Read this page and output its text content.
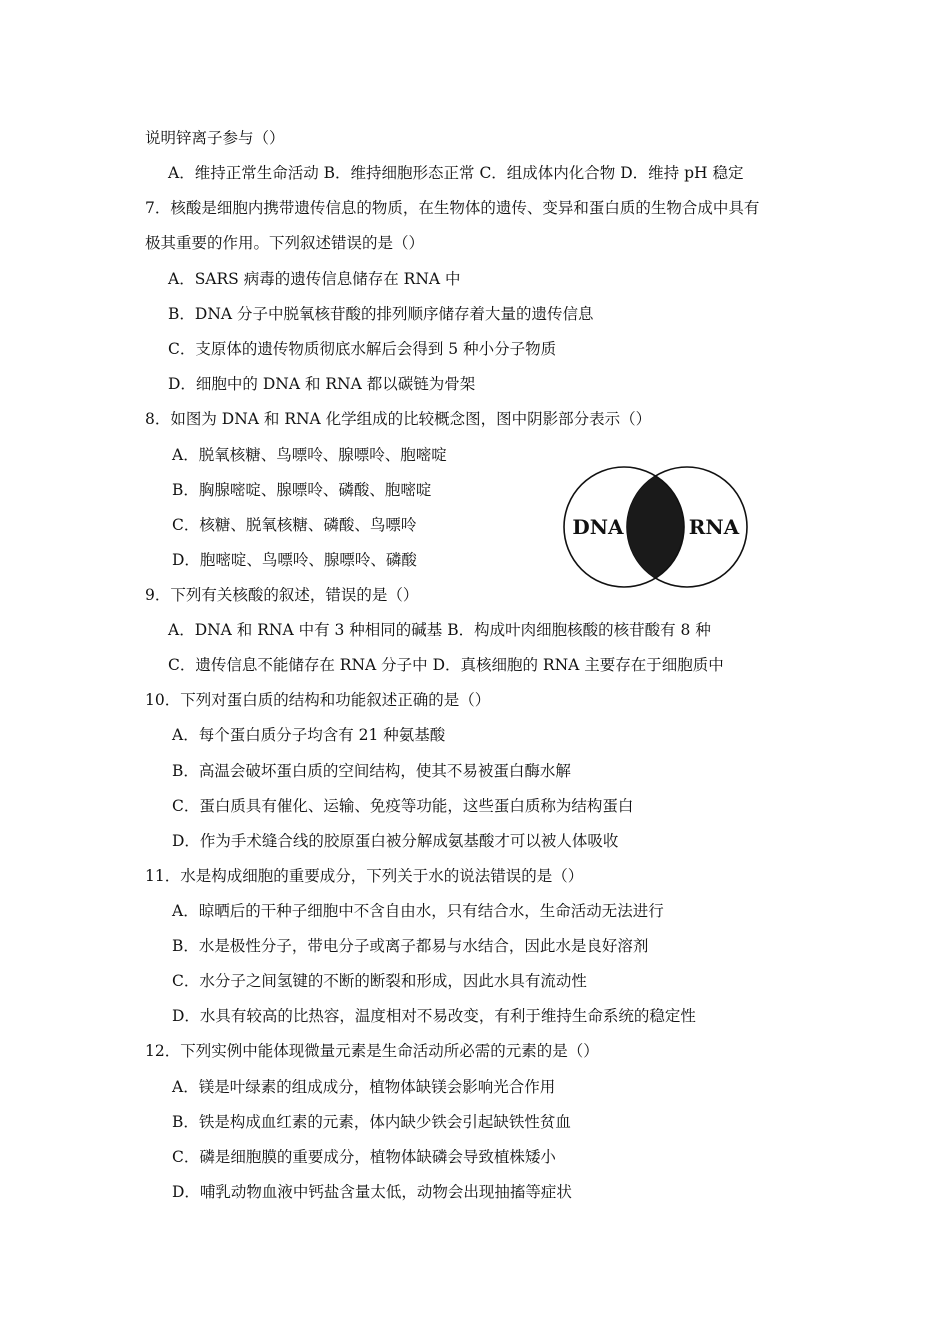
说明锌离子参与（）
A．维持正常生命活动 B．维持细胞形态正常 C．组成体内化合物 D．维持 pH 稳定
7．核酸是细胞内携带遗传信息的物质，在生物体的遗传、变异和蛋白质的生物合成中具有
极其重要的作用。下列叙述错误的是（）
A．SARS 病毒的遗传信息储存在 RNA 中
B．DNA 分子中脱氧核苷酸的排列顺序储存着大量的遗传信息
C．支原体的遗传物质彻底水解后会得到 5 种小分子物质
D．细胞中的 DNA 和 RNA 都以碳链为骨架
8．如图为 DNA 和 RNA 化学组成的比较概念图，图中阴影部分表示（）
A．脱氧核糖、鸟嘌呤、腺嘌呤、胞嘧啶
B．胸腺嘧啶、腺嘌呤、磷酸、胞嘧啶
C．核糖、脱氧核糖、磷酸、鸟嘌呤
D．胞嘧啶、鸟嘌呤、腺嘌呤、磷酸
DNA	RNA
9．下列有关核酸的叙述，错误的是（）
A．DNA 和 RNA 中有 3 种相同的碱基 B．构成叶肉细胞核酸的核苷酸有 8 种
C．遗传信息不能储存在 RNA 分子中 D．真核细胞的 RNA 主要存在于细胞质中
10．下列对蛋白质的结构和功能叙述正确的是（）
A．每个蛋白质分子均含有 21 种氨基酸
B．高温会破坏蛋白质的空间结构，使其不易被蛋白酶水解
C．蛋白质具有催化、运输、免疫等功能，这些蛋白质称为结构蛋白
D．作为手术缝合线的胶原蛋白被分解成氨基酸才可以被人体吸收
11．水是构成细胞的重要成分，下列关于水的说法错误的是（）
A．晾晒后的干种子细胞中不含自由水，只有结合水，生命活动无法进行
B．水是极性分子，带电分子或离子都易与水结合，因此水是良好溶剂
C．水分子之间氢键的不断的断裂和形成，因此水具有流动性
D．水具有较高的比热容，温度相对不易改变，有利于维持生命系统的稳定性
12．下列实例中能体现微量元素是生命活动所必需的元素的是（）
A．镁是叶绿素的组成成分，植物体缺镁会影响光合作用
B．铁是构成血红素的元素，体内缺少铁会引起缺铁性贫血
C．磷是细胞膜的重要成分，植物体缺磷会导致植株矮小
D．哺乳动物血液中钙盐含量太低，动物会出现抽搐等症状
